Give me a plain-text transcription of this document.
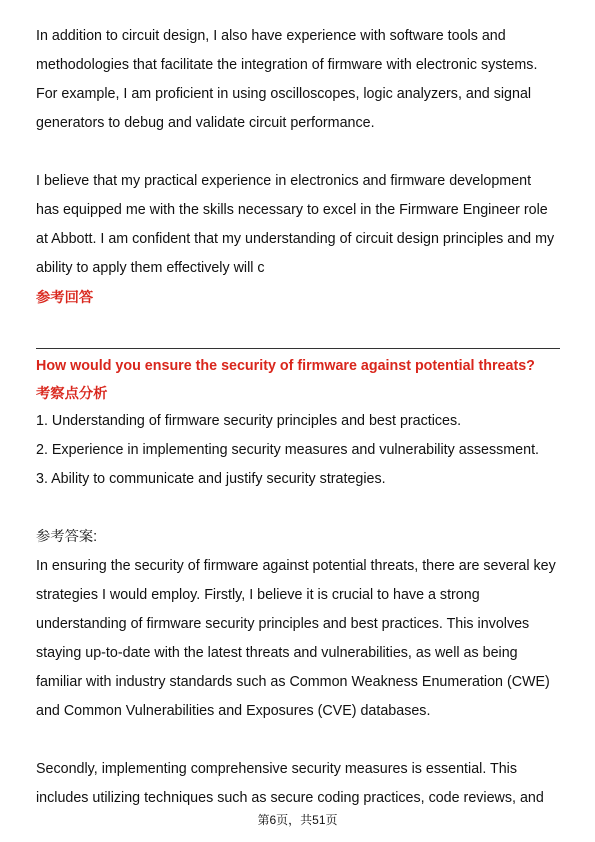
In addition to circuit design, I also have experience with software tools and

methodologies that facilitate the integration of firmware with electronic systems.

For example, I am proficient in using oscilloscopes, logic analyzers, and signal

generators to debug and validate circuit performance.

I believe that my practical experience in electronics and firmware development

has equipped me with the skills necessary to excel in the Firmware Engineer role

at Abbott. I am confident that my understanding of circuit design principles and my

ability to apply them effectively will c

参考回答

How would you ensure the security of firmware against potential threats?

考察点分析

1. Understanding of firmware security principles and best practices.
2. Experience in implementing security measures and vulnerability assessment.
3. Ability to communicate and justify security strategies.

参考答案:

In ensuring the security of firmware against potential threats, there are several key

strategies I would employ. Firstly, I believe it is crucial to have a strong

understanding of firmware security principles and best practices. This involves

staying up-to-date with the latest threats and vulnerabilities, as well as being

familiar with industry standards such as Common Weakness Enumeration (CWE)

and Common Vulnerabilities and Exposures (CVE) databases.

Secondly, implementing comprehensive security measures is essential. This

includes utilizing techniques such as secure coding practices, code reviews, and

第6页，共51页
